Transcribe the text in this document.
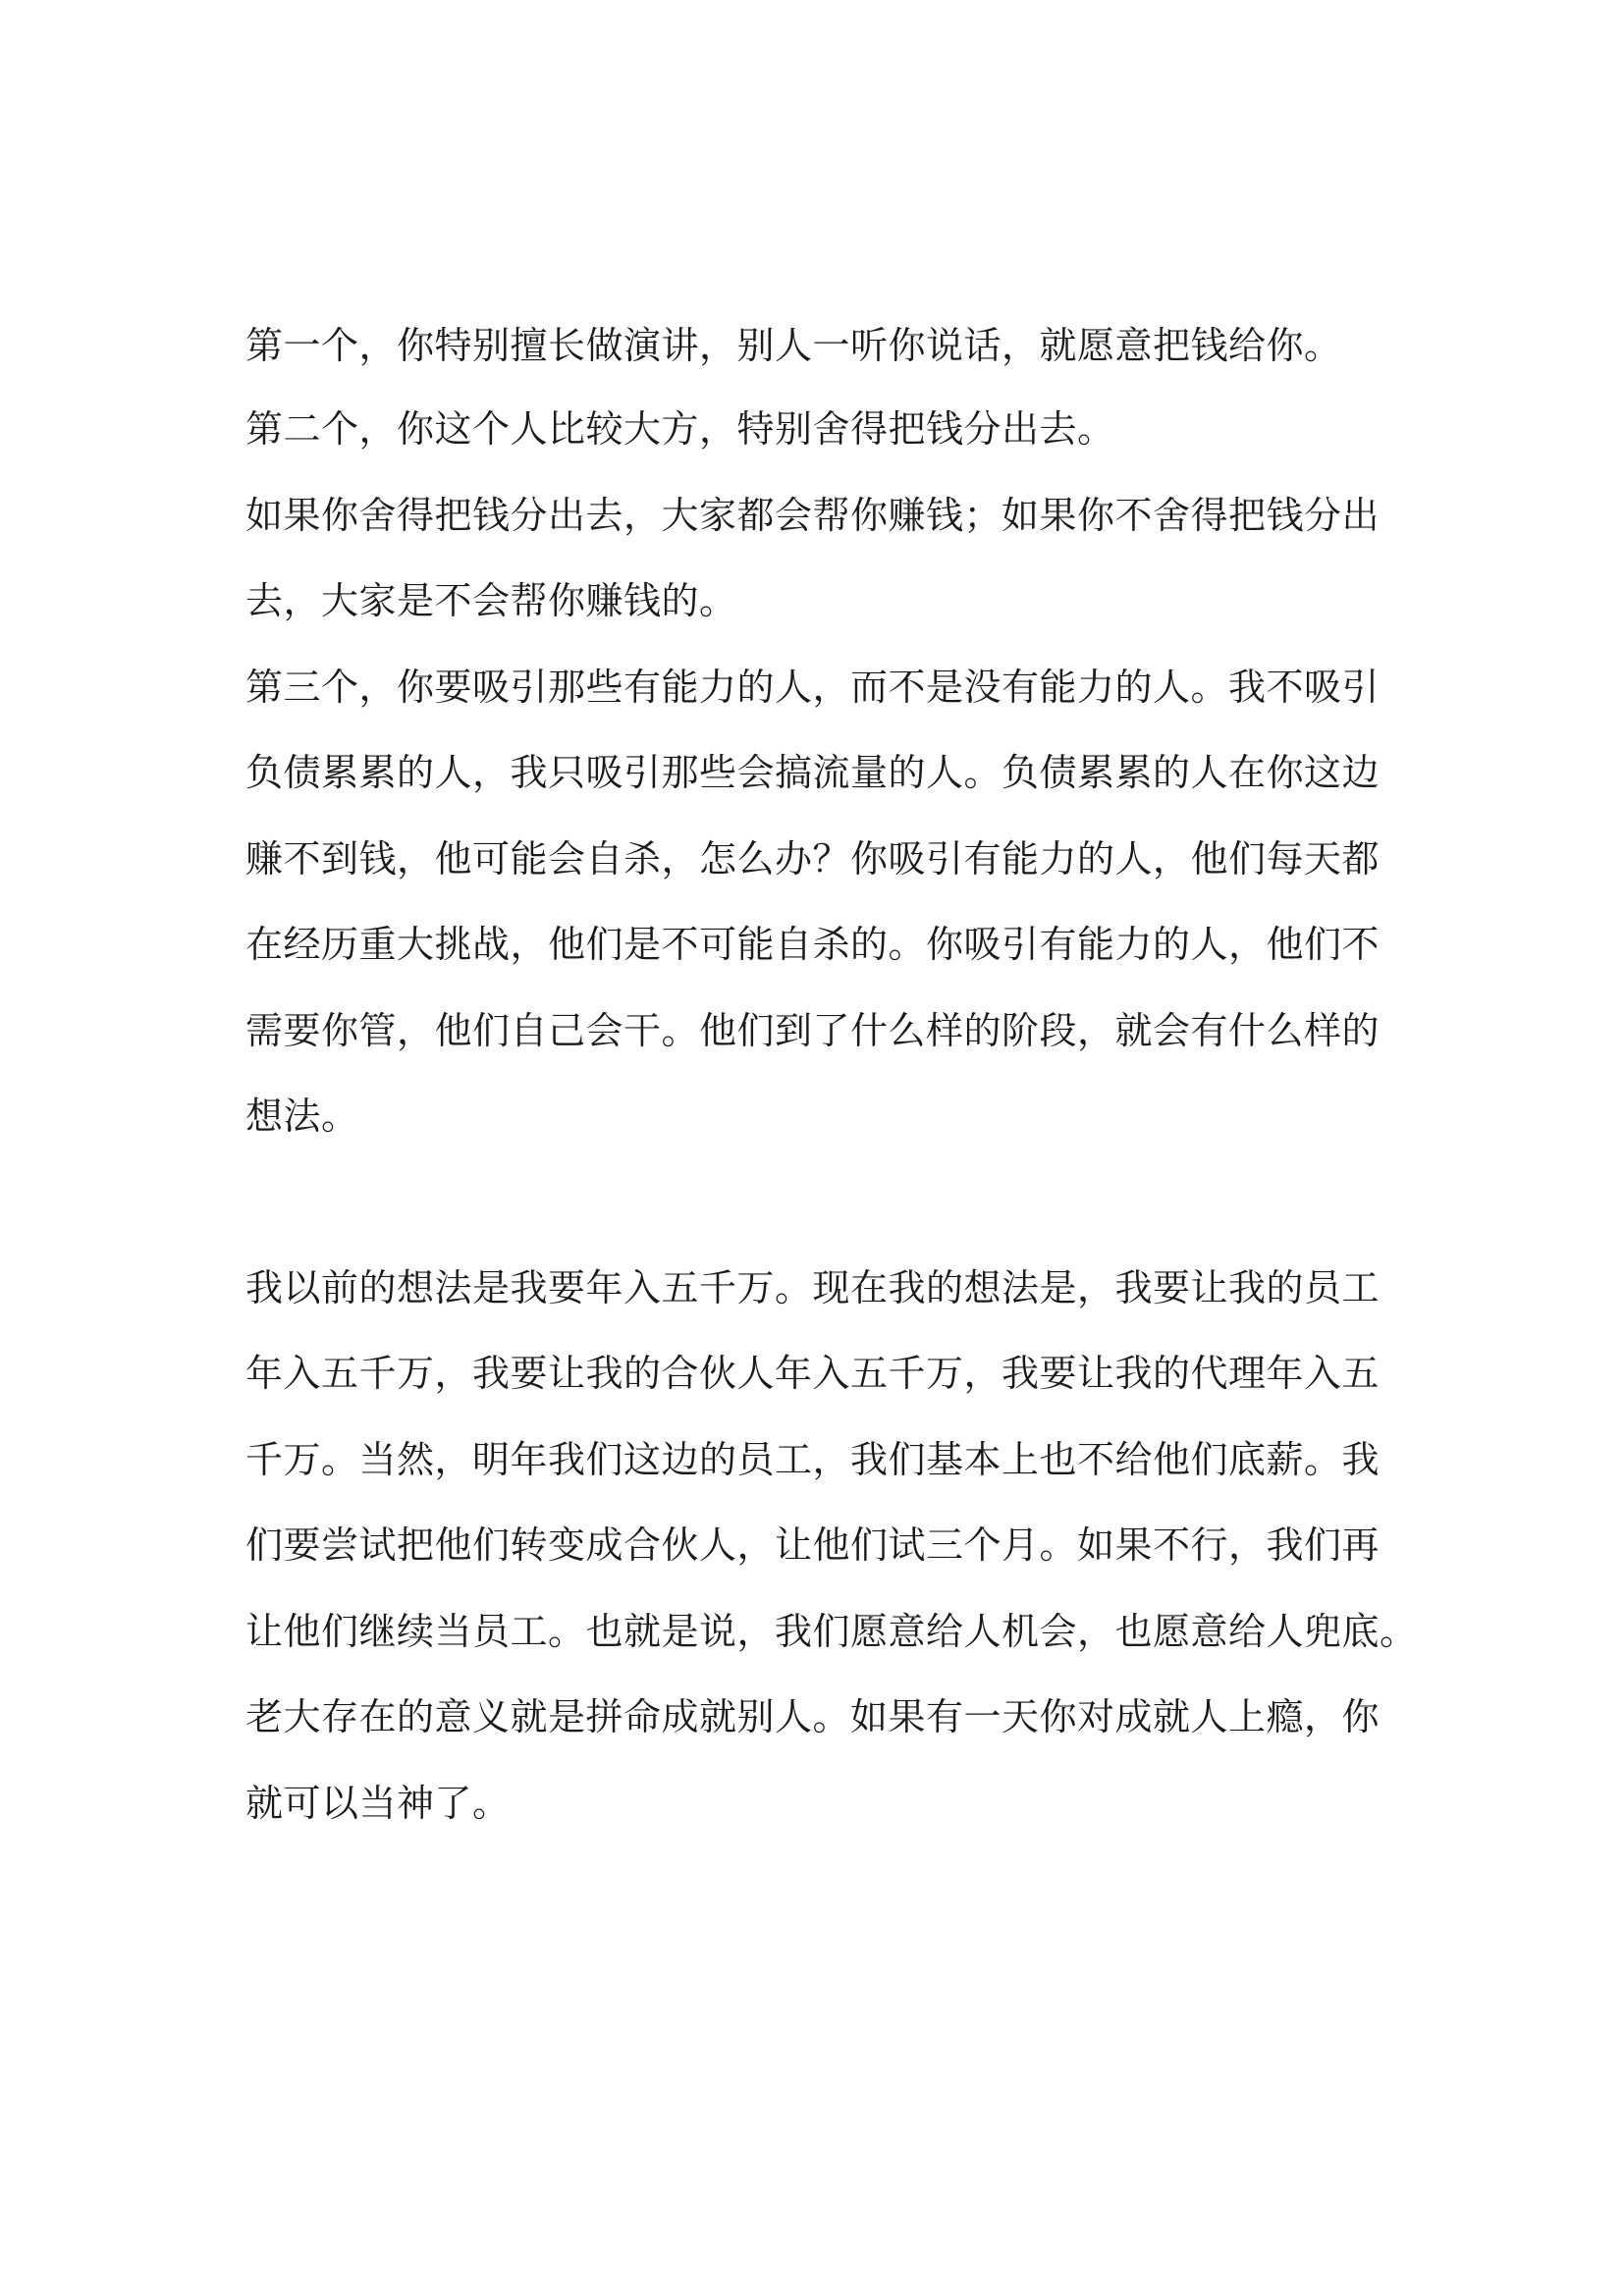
第一个，你特别擅长做演讲，别人一听你说话，就愿意把钱给你。

第二个，你这个人比较大方，特别舍得把钱分出去。

如果你舍得把钱分出去，大家都会帮你赚钱；如果你不舍得把钱分出

去，大家是不会帮你赚钱的。

第三个，你要吸引那些有能力的人，而不是没有能力的人。我不吸引

负债累累的人，我只吸引那些会搞流量的人。负债累累的人在你这边

赚不到钱，他可能会自杀，怎么办？你吸引有能力的人，他们每天都

在经历重大挑战，他们是不可能自杀的。你吸引有能力的人，他们不

需要你管，他们自己会干。他们到了什么样的阶段，就会有什么样的

想法。

我以前的想法是我要年入五千万。现在我的想法是，我要让我的员工

年入五千万，我要让我的合伙人年入五千万，我要让我的代理年入五

千万。当然，明年我们这边的员工，我们基本上也不给他们底薪。我

们要尝试把他们转变成合伙人，让他们试三个月。如果不行，我们再

让他们继续当员工。也就是说，我们愿意给人机会，也愿意给人兜底。

老大存在的意义就是拼命成就别人。如果有一天你对成就人上瘾，你

就可以当神了。
